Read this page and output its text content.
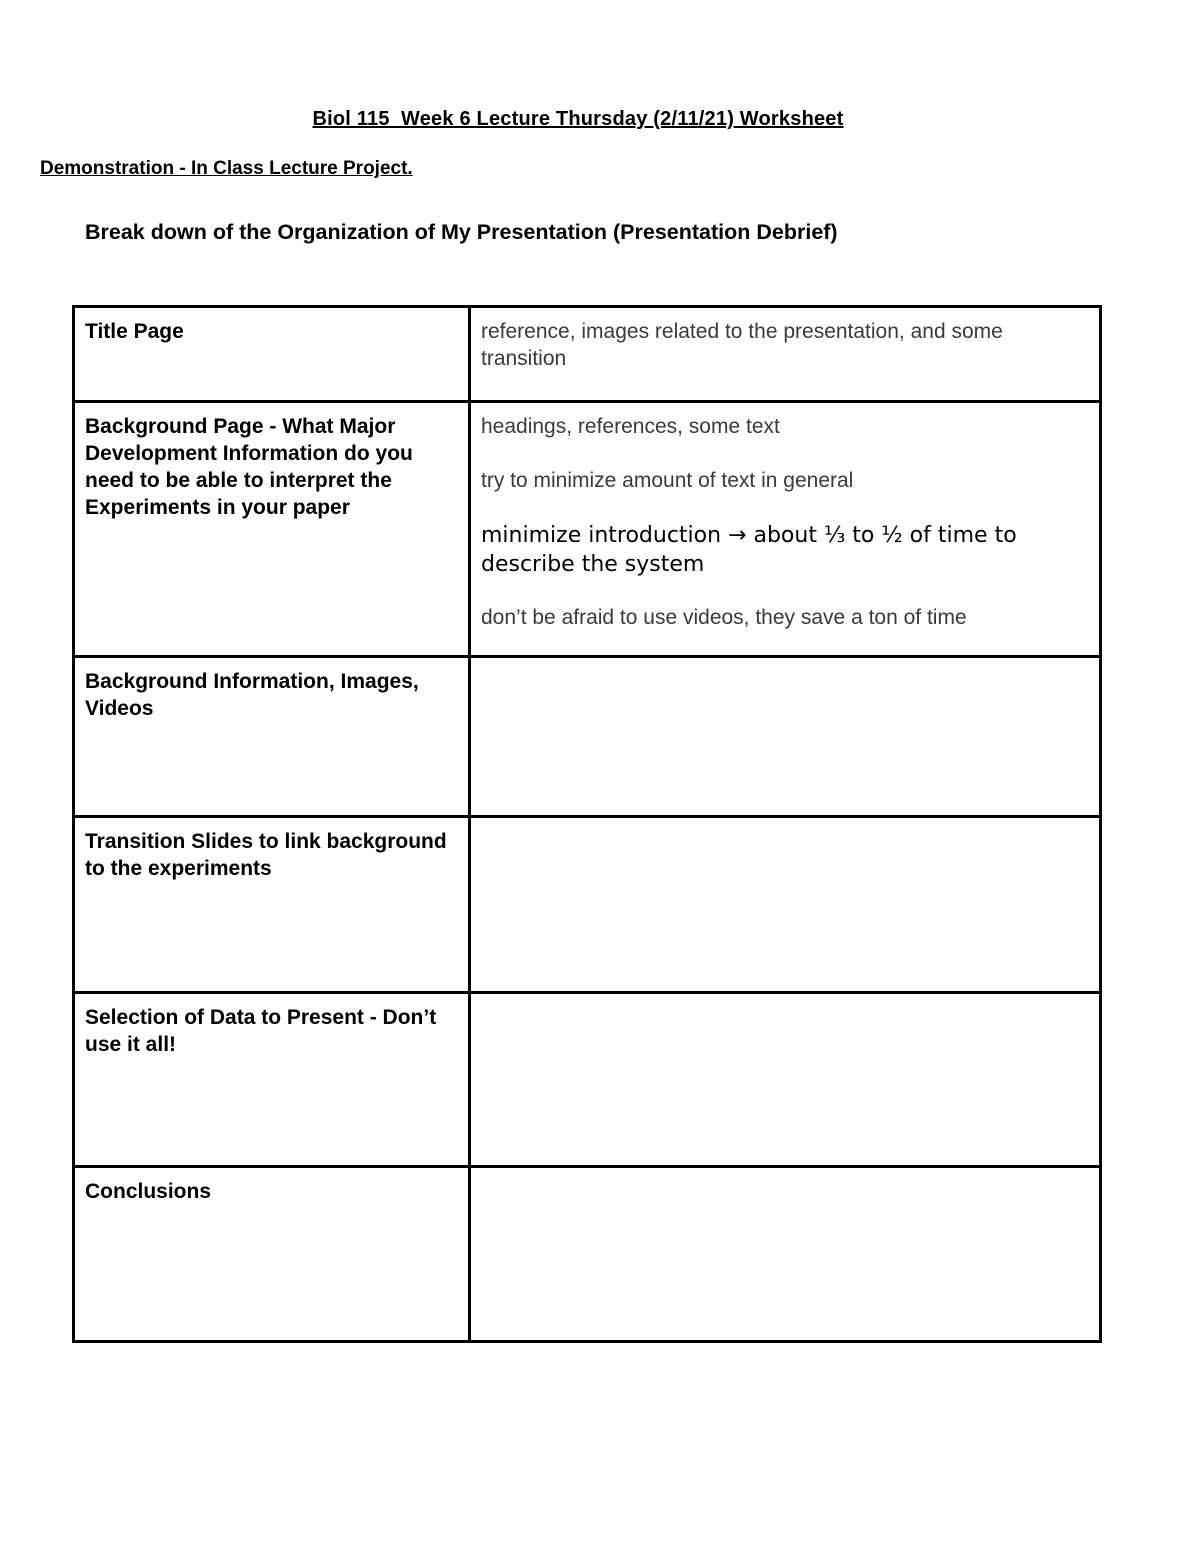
Biol 115_Week 6 Lecture Thursday (2/11/21) Worksheet

Demonstration - In Class Lecture Project.

Break down of the Organization of My Presentation (Presentation Debrief)
Title Page	reference, images related to the presentation, and some transition

Background Page - What Major Development Information do you need to be able to interpret the Experiments in your paper	headings, references, some text

try to minimize amount of text in general

minimize introduction → about ⅓ to ½ of time to describe the system

don’t be afraid to use videos, they save a ton of time

Background Information, Images, Videos	
Transition Slides to link background to the experiments	
Selection of Data to Present - Don’t use it all!	
Conclusions	
